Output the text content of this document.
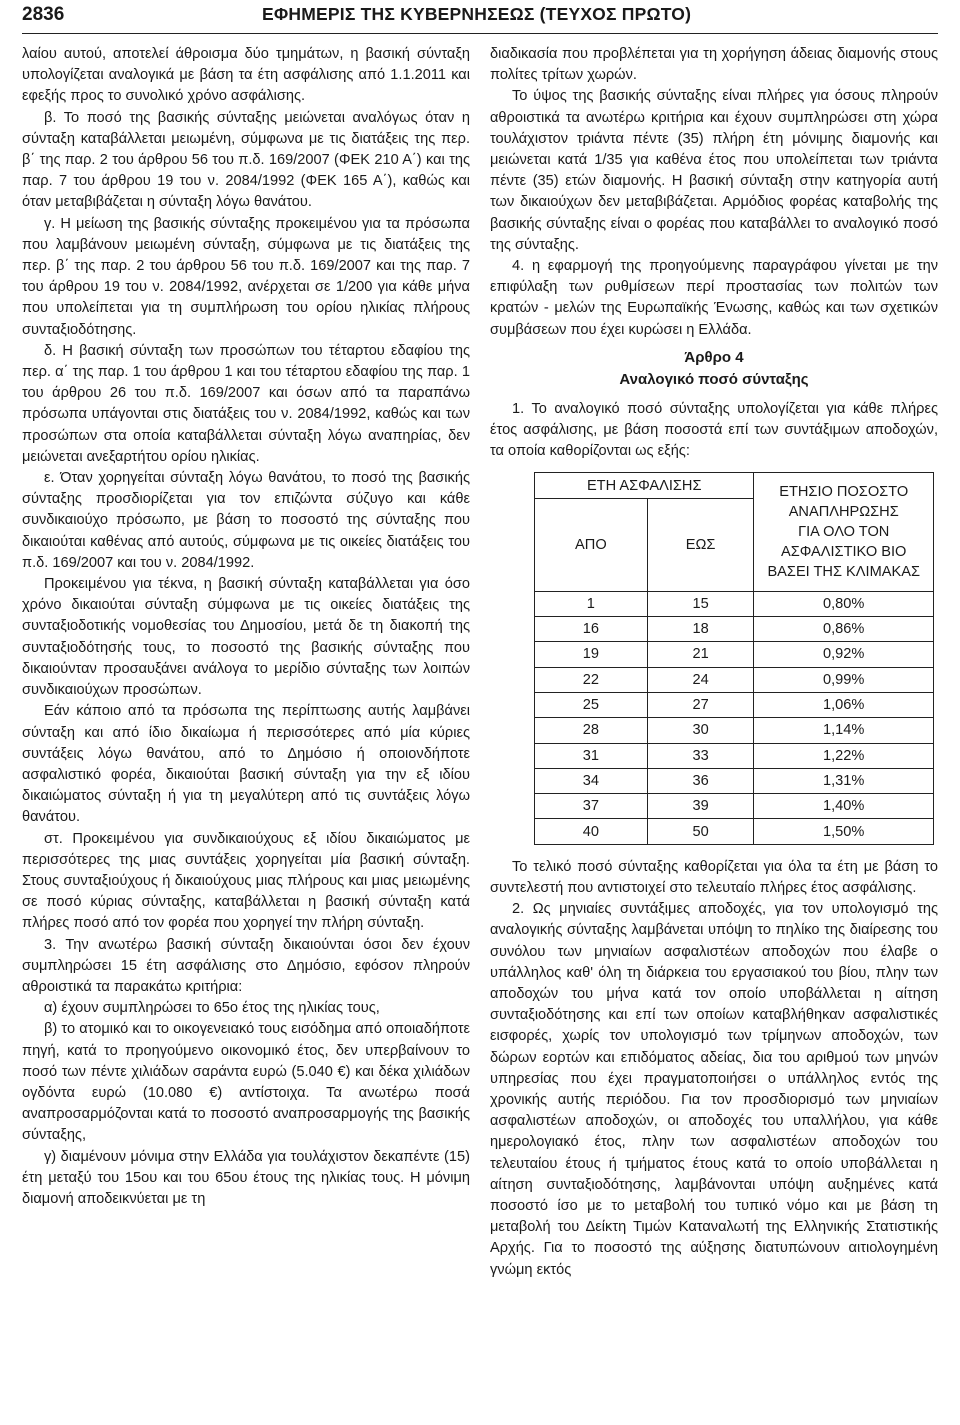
2836	ΕΦΗΜΕΡΙΣ ΤΗΣ ΚΥΒΕΡΝΗΣΕΩΣ (ΤΕΥΧΟΣ ΠΡΩΤΟ)

λαίου αυτού, αποτελεί άθροισμα δύο τμημάτων, η βασική σύνταξη υπολογίζεται αναλογικά με βάση τα έτη ασφάλισης από 1.1.2011 και εφεξής προς το συνολικό χρόνο ασφάλισης.

β. Το ποσό της βασικής σύνταξης μειώνεται αναλόγως όταν η σύνταξη καταβάλλεται μειωμένη, σύμφωνα με τις διατάξεις της περ. β΄ της παρ. 2 του άρθρου 56 του π.δ. 169/2007 (ΦΕΚ 210 Α΄) και της παρ. 7 του άρθρου 19 του ν. 2084/1992 (ΦΕΚ 165 Α΄), καθώς και όταν μεταβιβάζεται η σύνταξη λόγω θανάτου.

γ. Η μείωση της βασικής σύνταξης προκειμένου για τα πρόσωπα που λαμβάνουν μειωμένη σύνταξη, σύμφωνα με τις διατάξεις της περ. β΄ της παρ. 2 του άρθρου 56 του π.δ. 169/2007 και της παρ. 7 του άρθρου 19 του ν. 2084/1992, ανέρχεται σε 1/200 για κάθε μήνα που υπολείπεται για τη συμπλήρωση του ορίου ηλικίας πλήρους συνταξιοδότησης.

δ. Η βασική σύνταξη των προσώπων του τέταρτου εδαφίου της περ. α΄ της παρ. 1 του άρθρου 1 και του τέταρτου εδαφίου της παρ. 1 του άρθρου 26 του π.δ. 169/2007 και όσων από τα παραπάνω πρόσωπα υπάγονται στις διατάξεις του ν. 2084/1992, καθώς και των προσώπων στα οποία καταβάλλεται σύνταξη λόγω αναπηρίας, δεν μειώνεται ανεξαρτήτου ορίου ηλικίας.

ε. Όταν χορηγείται σύνταξη λόγω θανάτου, το ποσό της βασικής σύνταξης προσδιορίζεται για τον επιζώντα σύζυγο και κάθε συνδικαιούχο πρόσωπο, με βάση το ποσοστό της σύνταξης που δικαιούται καθένας από αυτούς, σύμφωνα με τις οικείες διατάξεις του π.δ. 169/2007 και του ν. 2084/1992.

Προκειμένου για τέκνα, η βασική σύνταξη καταβάλλεται για όσο χρόνο δικαιούται σύνταξη σύμφωνα με τις οικείες διατάξεις της συνταξιοδοτικής νομοθεσίας του Δημοσίου, μετά δε τη διακοπή της συνταξιοδότησής τους, το ποσοστό της βασικής σύνταξης που δικαιούνταν προσαυξάνει ανάλογα το μερίδιο σύνταξης των λοιπών συνδικαιούχων προσώπων.

Εάν κάποιο από τα πρόσωπα της περίπτωσης αυτής λαμβάνει σύνταξη και από ίδιο δικαίωμα ή περισσότερες από μία κύριες συντάξεις λόγω θανάτου, από το Δημόσιο ή οποιονδήποτε ασφαλιστικό φορέα, δικαιούται βασική σύνταξη για την εξ ιδίου δικαιώματος σύνταξη ή για τη μεγαλύτερη από τις συντάξεις λόγω θανάτου.

στ. Προκειμένου για συνδικαιούχους εξ ιδίου δικαιώματος με περισσότερες της μιας συντάξεις χορηγείται μία βασική σύνταξη. Στους συνταξιούχους ή δικαιούχους μιας πλήρους και μιας μειωμένης σε ποσό κύριας σύνταξης, καταβάλλεται η βασική σύνταξη κατά πλήρες ποσό από τον φορέα που χορηγεί την πλήρη σύνταξη.

3. Την ανωτέρω βασική σύνταξη δικαιούνται όσοι δεν έχουν συμπληρώσει 15 έτη ασφάλισης στο Δημόσιο, εφόσον πληρούν αθροιστικά τα παρακάτω κριτήρια:

α) έχουν συμπληρώσει το 65ο έτος της ηλικίας τους,

β) το ατομικό και το οικογενειακό τους εισόδημα από οποιαδήποτε πηγή, κατά το προηγούμενο οικονομικό έτος, δεν υπερβαίνουν το ποσό των πέντε χιλιάδων σαράντα ευρώ (5.040 €) και δέκα χιλιάδων ογδόντα ευρώ (10.080 €) αντίστοιχα. Τα ανωτέρω ποσά αναπροσαρμόζονται κατά το ποσοστό αναπροσαρμογής της βασικής σύνταξης,

γ) διαμένουν μόνιμα στην Ελλάδα για τουλάχιστον δεκαπέντε (15) έτη μεταξύ του 15ου και του 65ου έτους της ηλικίας τους. Η μόνιμη διαμονή αποδεικνύεται με τη

διαδικασία που προβλέπεται για τη χορήγηση άδειας διαμονής στους πολίτες τρίτων χωρών.

Το ύψος της βασικής σύνταξης είναι πλήρες για όσους πληρούν αθροιστικά τα ανωτέρω κριτήρια και έχουν συμπληρώσει στη χώρα τουλάχιστον τριάντα πέντε (35) πλήρη έτη μόνιμης διαμονής και μειώνεται κατά 1/35 για καθένα έτος που υπολείπεται των τριάντα πέντε (35) ετών διαμονής. Η βασική σύνταξη στην κατηγορία αυτή των δικαιούχων δεν μεταβιβάζεται. Αρμόδιος φορέας καταβολής της βασικής σύνταξης είναι ο φορέας που καταβάλλει το αναλογικό ποσό της σύνταξης.

4. η εφαρμογή της προηγούμενης παραγράφου γίνεται με την επιφύλαξη των ρυθμίσεων περί προστασίας των πολιτών των κρατών - μελών της Ευρωπαϊκής Ένωσης, καθώς και των σχετικών συμβάσεων που έχει κυρώσει η Ελλάδα.

Άρθρο 4
Αναλογικό ποσό σύνταξης

1. Το αναλογικό ποσό σύνταξης υπολογίζεται για κάθε πλήρες έτος ασφάλισης, με βάση ποσοστά επί των συντάξιμων αποδοχών, τα οποία καθορίζονται ως εξής:

ΕΤΗ ΑΣΦΑΛΙΣΗΣ		ΕΤΗΣΙΟ ΠΟΣΟΣΤΟ
ΑΝΑΠΛΗΡΩΣΗΣ
ΓΙΑ ΟΛΟ ΤΟΝ
ΑΣΦΑΛΙΣΤΙΚΟ ΒΙΟ
ΒΑΣΕΙ ΤΗΣ ΚΛΙΜΑΚΑΣ

ΑΠΟ	ΕΩΣ	
1	15	0,80%
16	18	0,86%
19	21	0,92%
22	24	0,99%
25	27	1,06%
28	30	1,14%
31	33	1,22%
34	36	1,31%
37	39	1,40%
40	50	1,50%

Το τελικό ποσό σύνταξης καθορίζεται για όλα τα έτη με βάση το συντελεστή που αντιστοιχεί στο τελευταίο πλήρες έτος ασφάλισης.

2. Ως μηνιαίες συντάξιμες αποδοχές, για τον υπολογισμό της αναλογικής σύνταξης λαμβάνεται υπόψη το πηλίκο της διαίρεσης του συνόλου των μηνιαίων ασφαλιστέων αποδοχών που έλαβε ο υπάλληλος καθ' όλη τη διάρκεια του εργασιακού του βίου, πλην των αποδοχών του μήνα κατά τον οποίο υποβάλλεται η αίτηση συνταξιοδότησης και επί των οποίων καταβλήθηκαν ασφαλιστικές εισφορές, χωρίς τον υπολογισμό των τρίμηνων αποδοχών, των δώρων εορτών και επιδόματος αδείας, δια του αριθμού των μηνών υπηρεσίας που έχει πραγματοποιήσει ο υπάλληλος εντός της χρονικής αυτής περιόδου. Για τον προσδιορισμό των μηνιαίων ασφαλιστέων αποδοχών, οι αποδοχές του υπαλλήλου, για κάθε ημερολογιακό έτος, πλην των ασφαλιστέων αποδοχών του τελευταίου έτους ή τμήματος έτους κατά το οποίο υποβάλλεται η αίτηση συνταξιοδότησης, λαμβάνονται υπόψη αυξημένες κατά ποσοστό ίσο με το μεταβολή του τυπικό νόμο και με βάση τη μεταβολή του Δείκτη Τιμών Καταναλωτή της Ελληνικής Στατιστικής Αρχής. Για το ποσοστό της αύξησης διατυπώνουν αιτιολογημένη γνώμη εκτός
